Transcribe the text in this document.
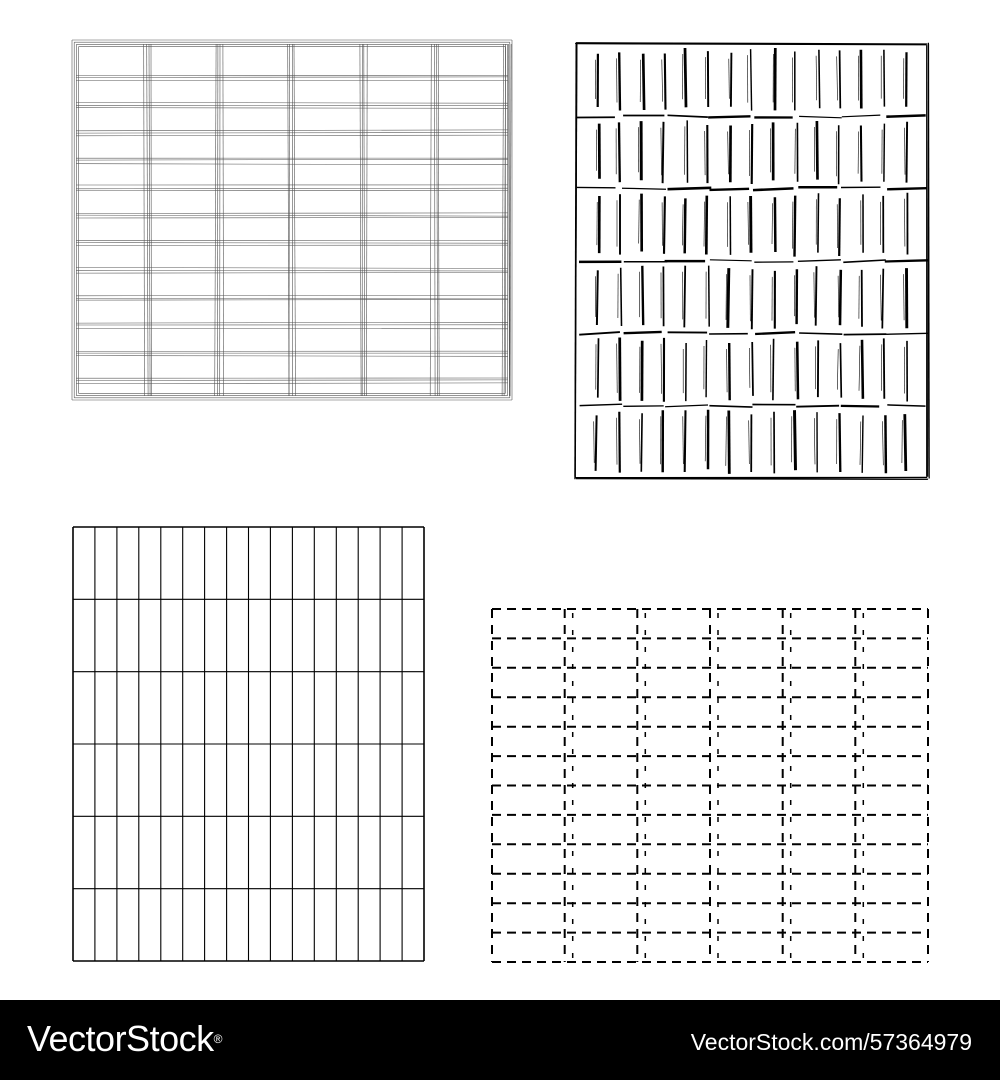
VectorStock®	VectorStock.com/57364979
